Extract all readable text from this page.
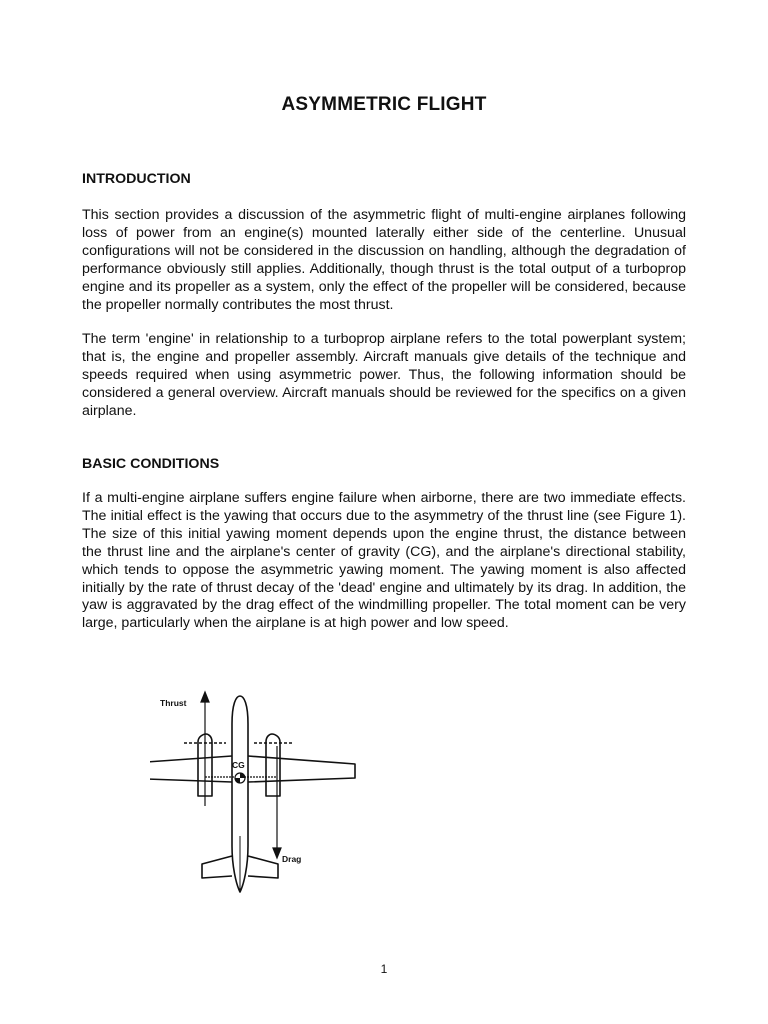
ASYMMETRIC FLIGHT
INTRODUCTION

This section provides a discussion of the asymmetric flight of multi-engine airplanes following loss of power from an engine(s) mounted laterally either side of the centerline. Unusual configurations will not be considered in the discussion on handling, although the degradation of performance obviously still applies. Additionally, though thrust is the total output of a turboprop engine and its propeller as a system, only the effect of the propeller will be considered, because the propeller normally contributes the most thrust.

The term 'engine' in relationship to a turboprop airplane refers to the total powerplant system; that is, the engine and propeller assembly. Aircraft manuals give details of the technique and speeds required when using asymmetric power. Thus, the following information should be considered a general overview. Aircraft manuals should be reviewed for the specifics on a given airplane.

BASIC CONDITIONS

If a multi-engine airplane suffers engine failure when airborne, there are two immediate effects. The initial effect is the yawing that occurs due to the asymmetry of the thrust line (see Figure 1). The size of this initial yawing moment depends upon the engine thrust, the distance between the thrust line and the airplane's center of gravity (CG), and the airplane's directional stability, which tends to oppose the asymmetric yawing moment. The yawing moment is also affected initially by the rate of thrust decay of the 'dead' engine and ultimately by its drag. In addition, the yaw is aggravated by the drag effect of the windmilling propeller. The total moment can be very large, particularly when the airplane is at high power and low speed.

Thrust
CG
Drag
1
